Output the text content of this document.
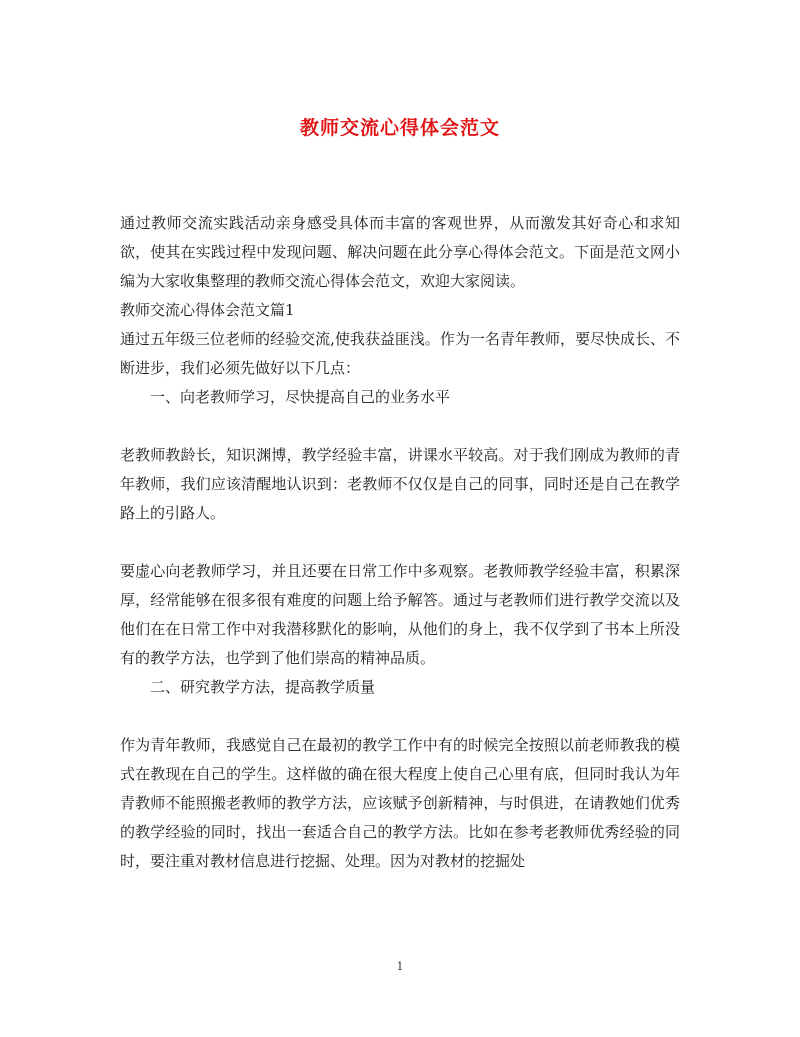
教师交流心得体会范文

通过教师交流实践活动亲身感受具体而丰富的客观世界，从而激发其好奇心和求知欲，使其在实践过程中发现问题、解决问题在此分享心得体会范文。下面是范文网小编为大家收集整理的教师交流心得体会范文，欢迎大家阅读。

教师交流心得体会范文篇1

通过五年级三位老师的经验交流,使我获益匪浅。作为一名青年教师，要尽快成长、不断进步，我们必须先做好以下几点：

一、向老教师学习，尽快提高自己的业务水平

老教师教龄长，知识渊博，教学经验丰富，讲课水平较高。对于我们刚成为教师的青年教师，我们应该清醒地认识到：老教师不仅仅是自己的同事，同时还是自己在教学路上的引路人。

要虚心向老教师学习，并且还要在日常工作中多观察。老教师教学经验丰富，积累深厚，经常能够在很多很有难度的问题上给予解答。通过与老教师们进行教学交流以及他们在在日常工作中对我潜移默化的影响，从他们的身上，我不仅学到了书本上所没有的教学方法，也学到了他们崇高的精神品质。

二、研究教学方法，提高教学质量

作为青年教师，我感觉自己在最初的教学工作中有的时候完全按照以前老师教我的模式在教现在自己的学生。这样做的确在很大程度上使自己心里有底，但同时我认为年青教师不能照搬老教师的教学方法，应该赋予创新精神，与时俱进，在请教她们优秀的教学经验的同时，找出一套适合自己的教学方法。比如在参考老教师优秀经验的同时，要注重对教材信息进行挖掘、处理。因为对教材的挖掘处

1
